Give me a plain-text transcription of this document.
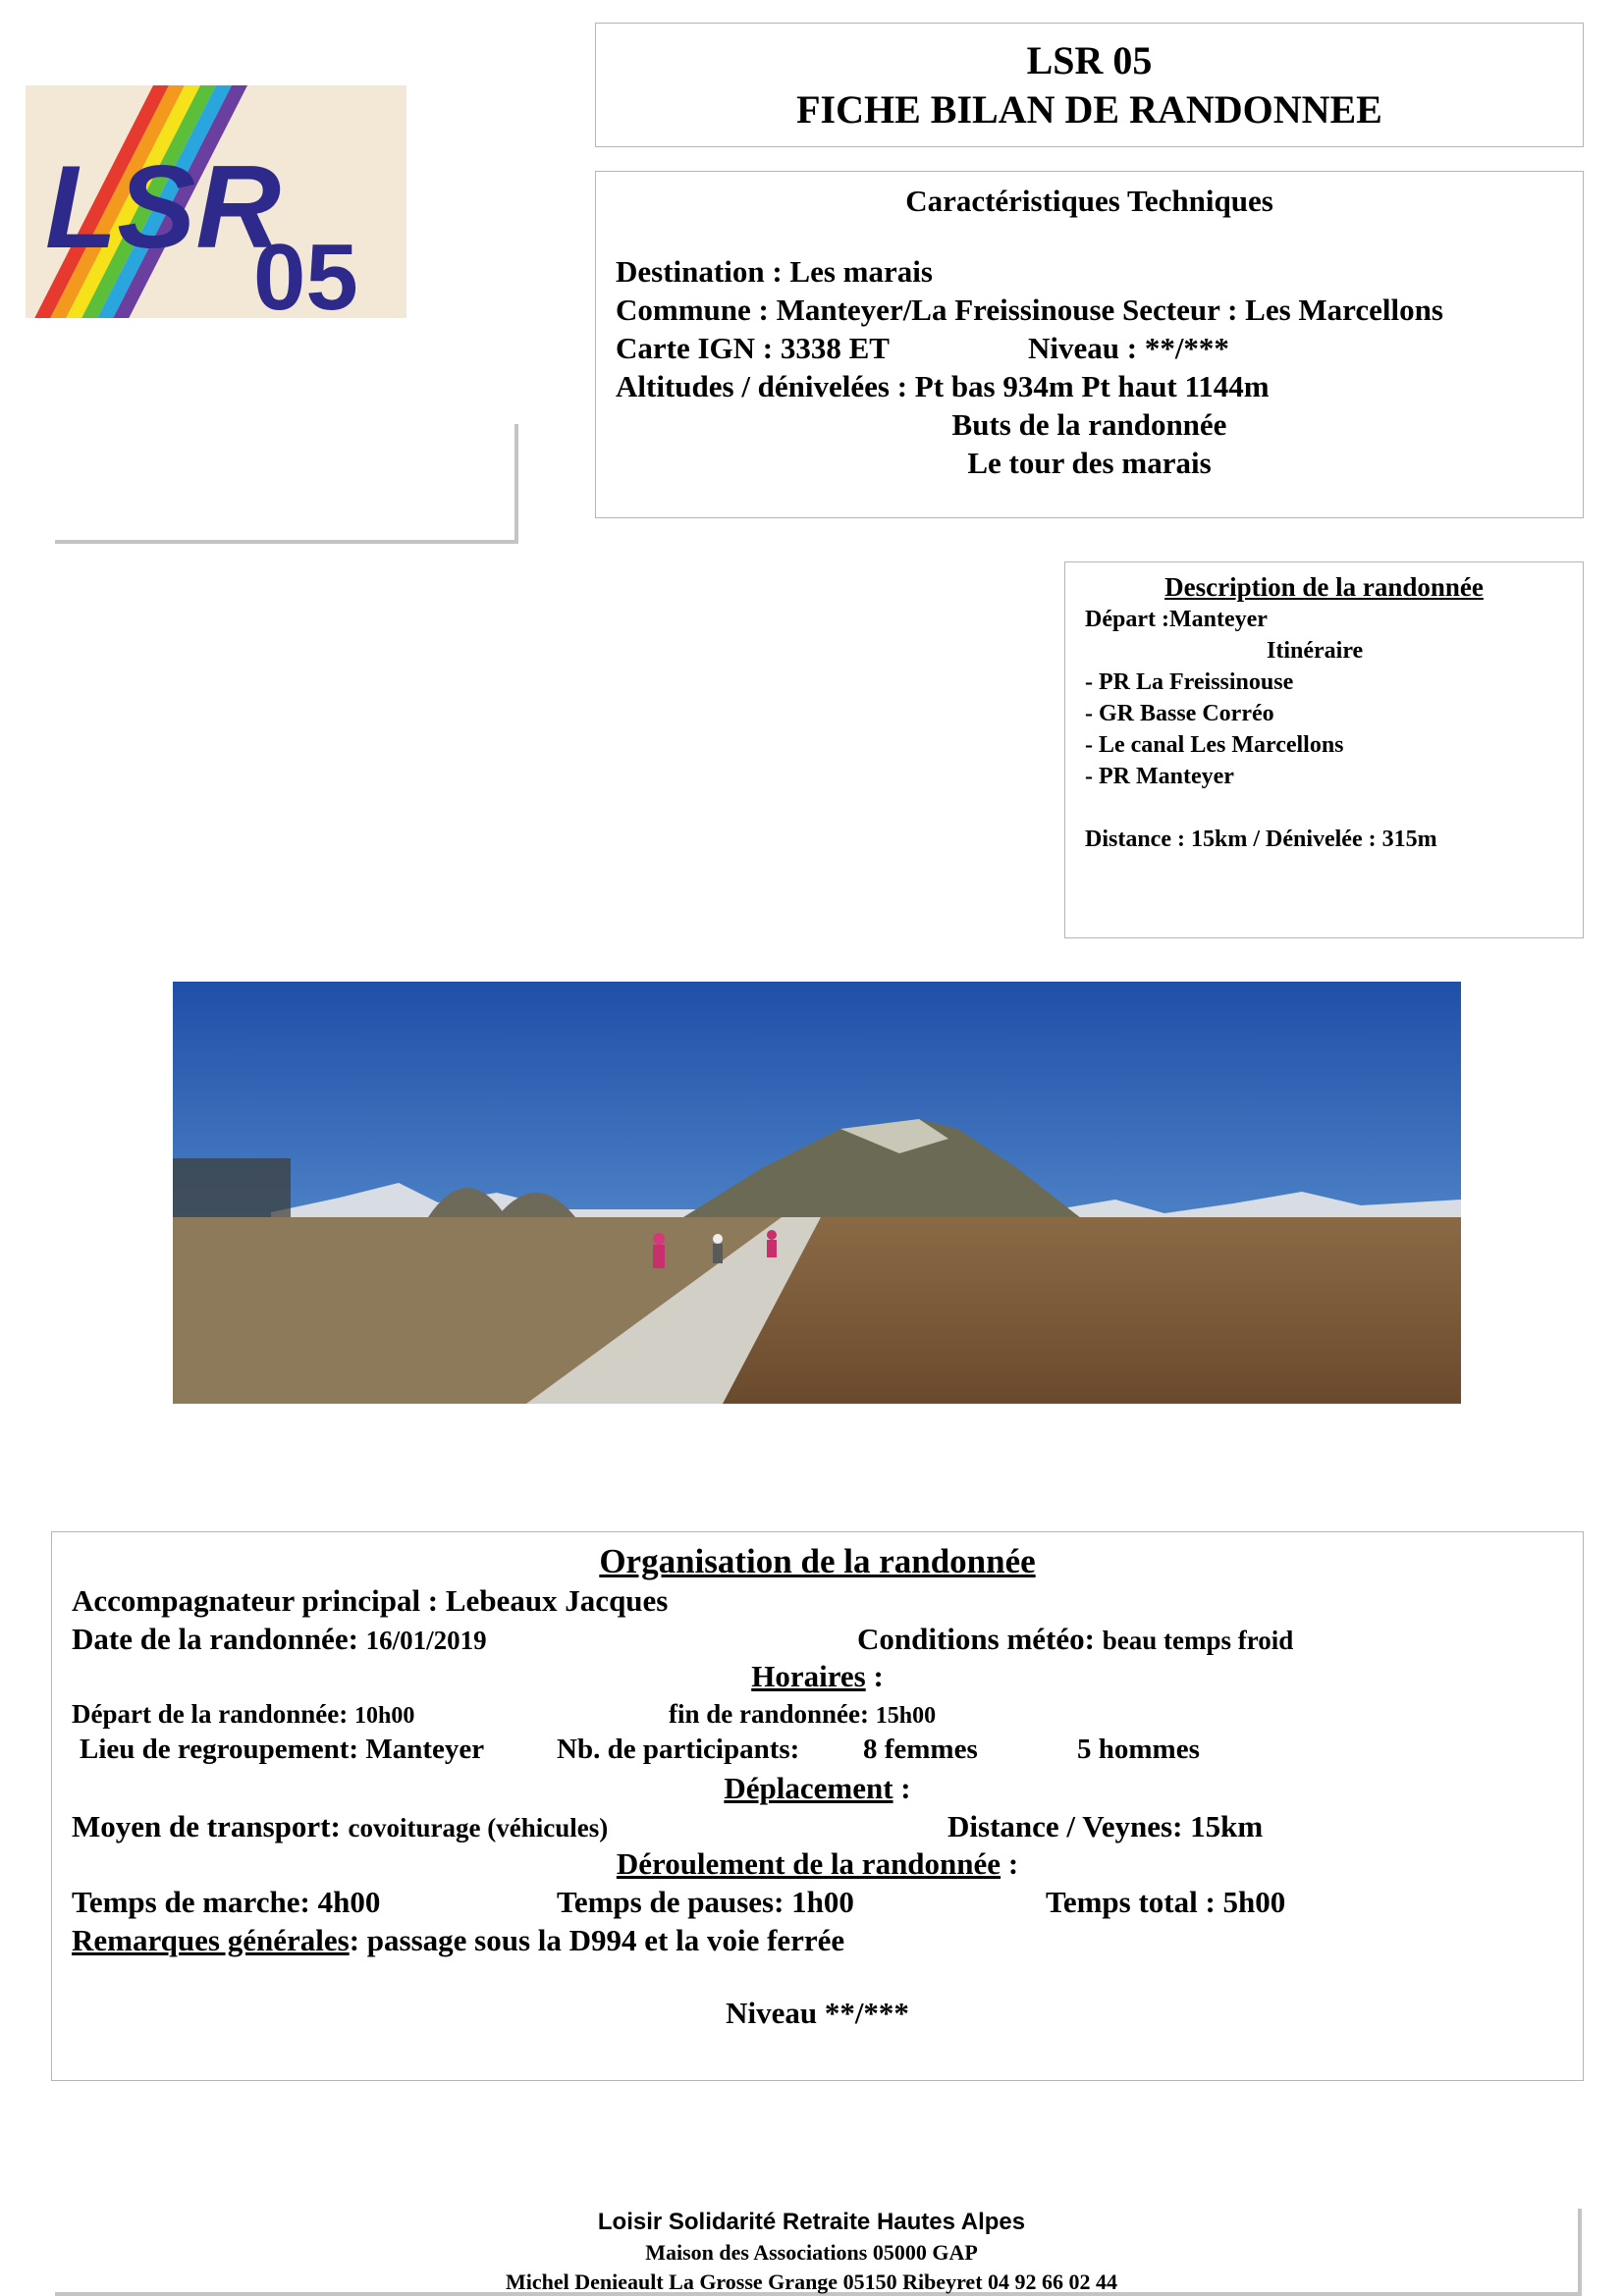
LSR
05
LSR 05
FICHE BILAN DE RANDONNEE
Caractéristiques Techniques
Destination : Les marais
Commune : Manteyer/La Freissinouse Secteur : Les Marcellons
Carte IGN : 3338 ET	Niveau : **/***
Altitudes / dénivelées : Pt bas 934m Pt haut 1144m
Buts de la randonnée
Le tour des marais
Description de la randonnée
Départ :Manteyer
Itinéraire
- PR La Freissinouse
- GR Basse Corréo
- Le canal Les Marcellons
- PR Manteyer
Distance : 15km / Dénivelée : 315m
Organisation de la randonnée
Accompagnateur principal : Lebeaux Jacques
Date de la randonnée: 16/01/2019	Conditions météo: beau temps froid
Horaires :
Départ de la randonnée: 10h00	fin de randonnée: 15h00
Lieu de regroupement: Manteyer	Nb. de participants: 8 femmes	5 hommes
Déplacement :
Moyen de transport: covoiturage (véhicules)	Distance / Veynes: 15km
Déroulement de la randonnée :
Temps de marche: 4h00	Temps de pauses: 1h00	Temps total : 5h00
Remarques générales: passage sous la D994 et la voie ferrée
Niveau **/***
Loisir Solidarité Retraite Hautes Alpes
Maison des Associations 05000 GAP
Michel Denieault La Grosse Grange 05150 Ribeyret 04 92 66 02 44
